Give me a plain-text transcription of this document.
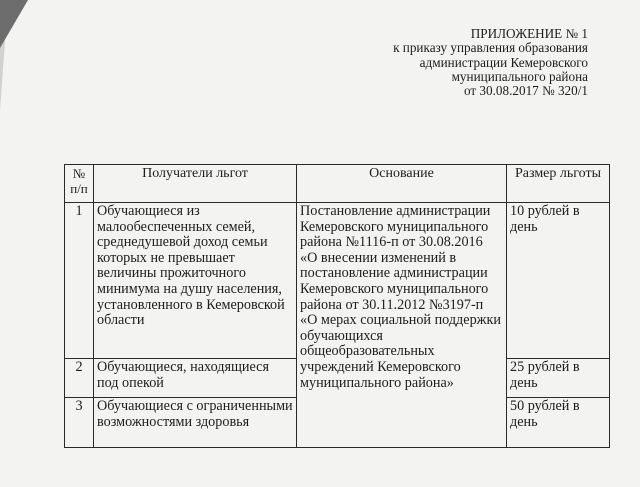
ПРИЛОЖЕНИЕ № 1
к приказу управления образования
администрации Кемеровского
муниципального района
от 30.08.2017 № 320/1
№ п/п	Получатели льгот	Основание	Размер льготы
1	Обучающиеся из малообеспеченных семей, среднедушевой доход семьи которых не превышает величины прожиточного минимума на душу населения, установленного в Кемеровской области	Постановление администрации Кемеровского муниципального района №1116-п от 30.08.2016 «О внесении изменений в постановление администрации Кемеровского муниципального района от 30.11.2012 №3197-п «О мерах социальной поддержки обучающихся общеобразовательных учреждений Кемеровского муниципального района»	10 рублей в день
2	Обучающиеся, находящиеся под опекой		25 рублей в день
3	Обучающиеся с ограниченными возможностями здоровья		50 рублей в день
